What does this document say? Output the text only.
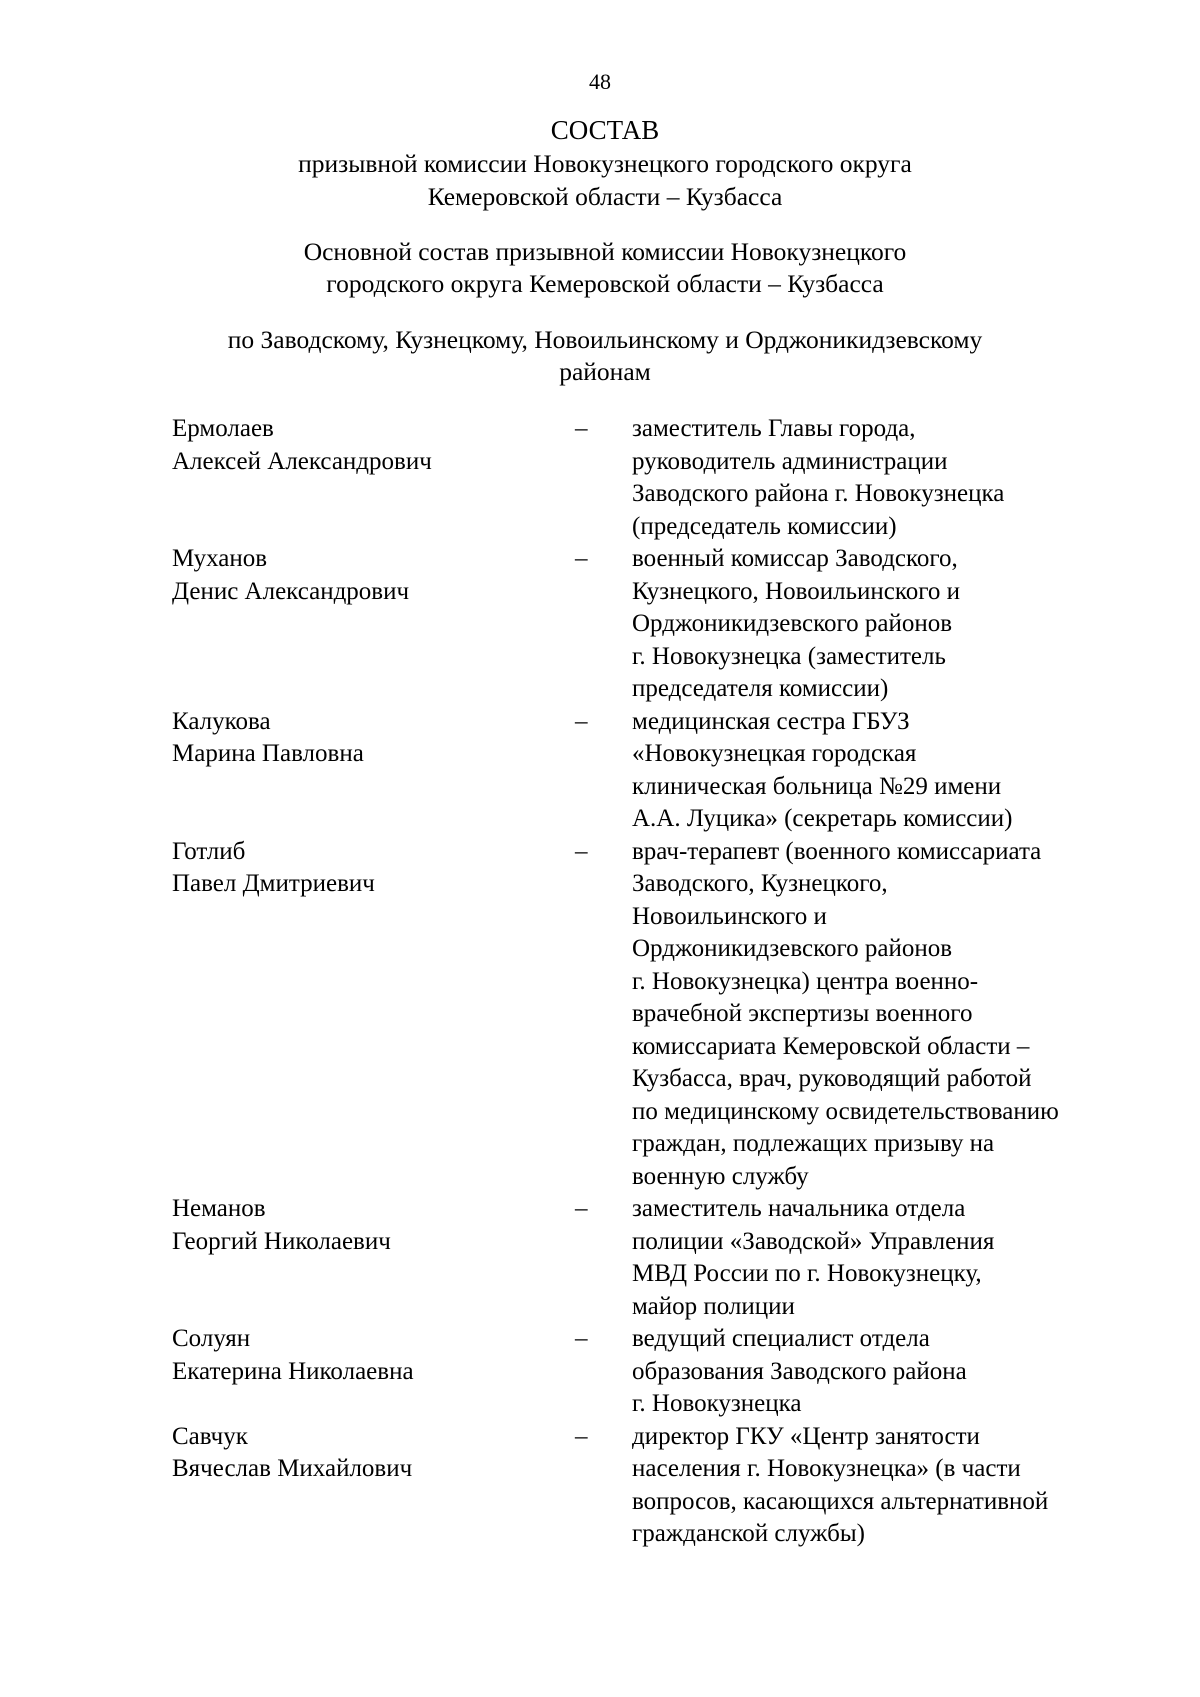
48
СОСТАВ
призывной комиссии Новокузнецкого городского округа
Кемеровской области – Кузбасса
Основной состав призывной комиссии Новокузнецкого
городского округа Кемеровской области – Кузбасса
по Заводскому, Кузнецкому, Новоильинскому и Орджоникидзевскому
районам
Ермолаев
Алексей Александрович
–	заместитель Главы города,
руководитель администрации
Заводского района г. Новокузнецка
(председатель комиссии)
Муханов
Денис Александрович
–	военный комиссар Заводского,
Кузнецкого, Новоильинского и
Орджоникидзевского районов
г. Новокузнецка (заместитель
председателя комиссии)
Калукова
Марина Павловна
–	медицинская сестра ГБУЗ
«Новокузнецкая городская
клиническая больница №29 имени
А.А. Луцика» (секретарь комиссии)
Готлиб
Павел Дмитриевич
–	врач-терапевт (военного комиссариата
Заводского, Кузнецкого,
Новоильинского и
Орджоникидзевского районов
г. Новокузнецка) центра военно-
врачебной экспертизы военного
комиссариата Кемеровской области –
Кузбасса, врач, руководящий работой
по медицинскому освидетельствованию
граждан, подлежащих призыву на
военную службу
Неманов
Георгий Николаевич
–	заместитель начальника отдела
полиции «Заводской» Управления
МВД России по г. Новокузнецку,
майор полиции
Солуян
Екатерина Николаевна
–	ведущий специалист отдела
образования Заводского района
г. Новокузнецка
Савчук
Вячеслав Михайлович
–	директор ГКУ «Центр занятости
населения г. Новокузнецка» (в части
вопросов, касающихся альтернативной
гражданской службы)
